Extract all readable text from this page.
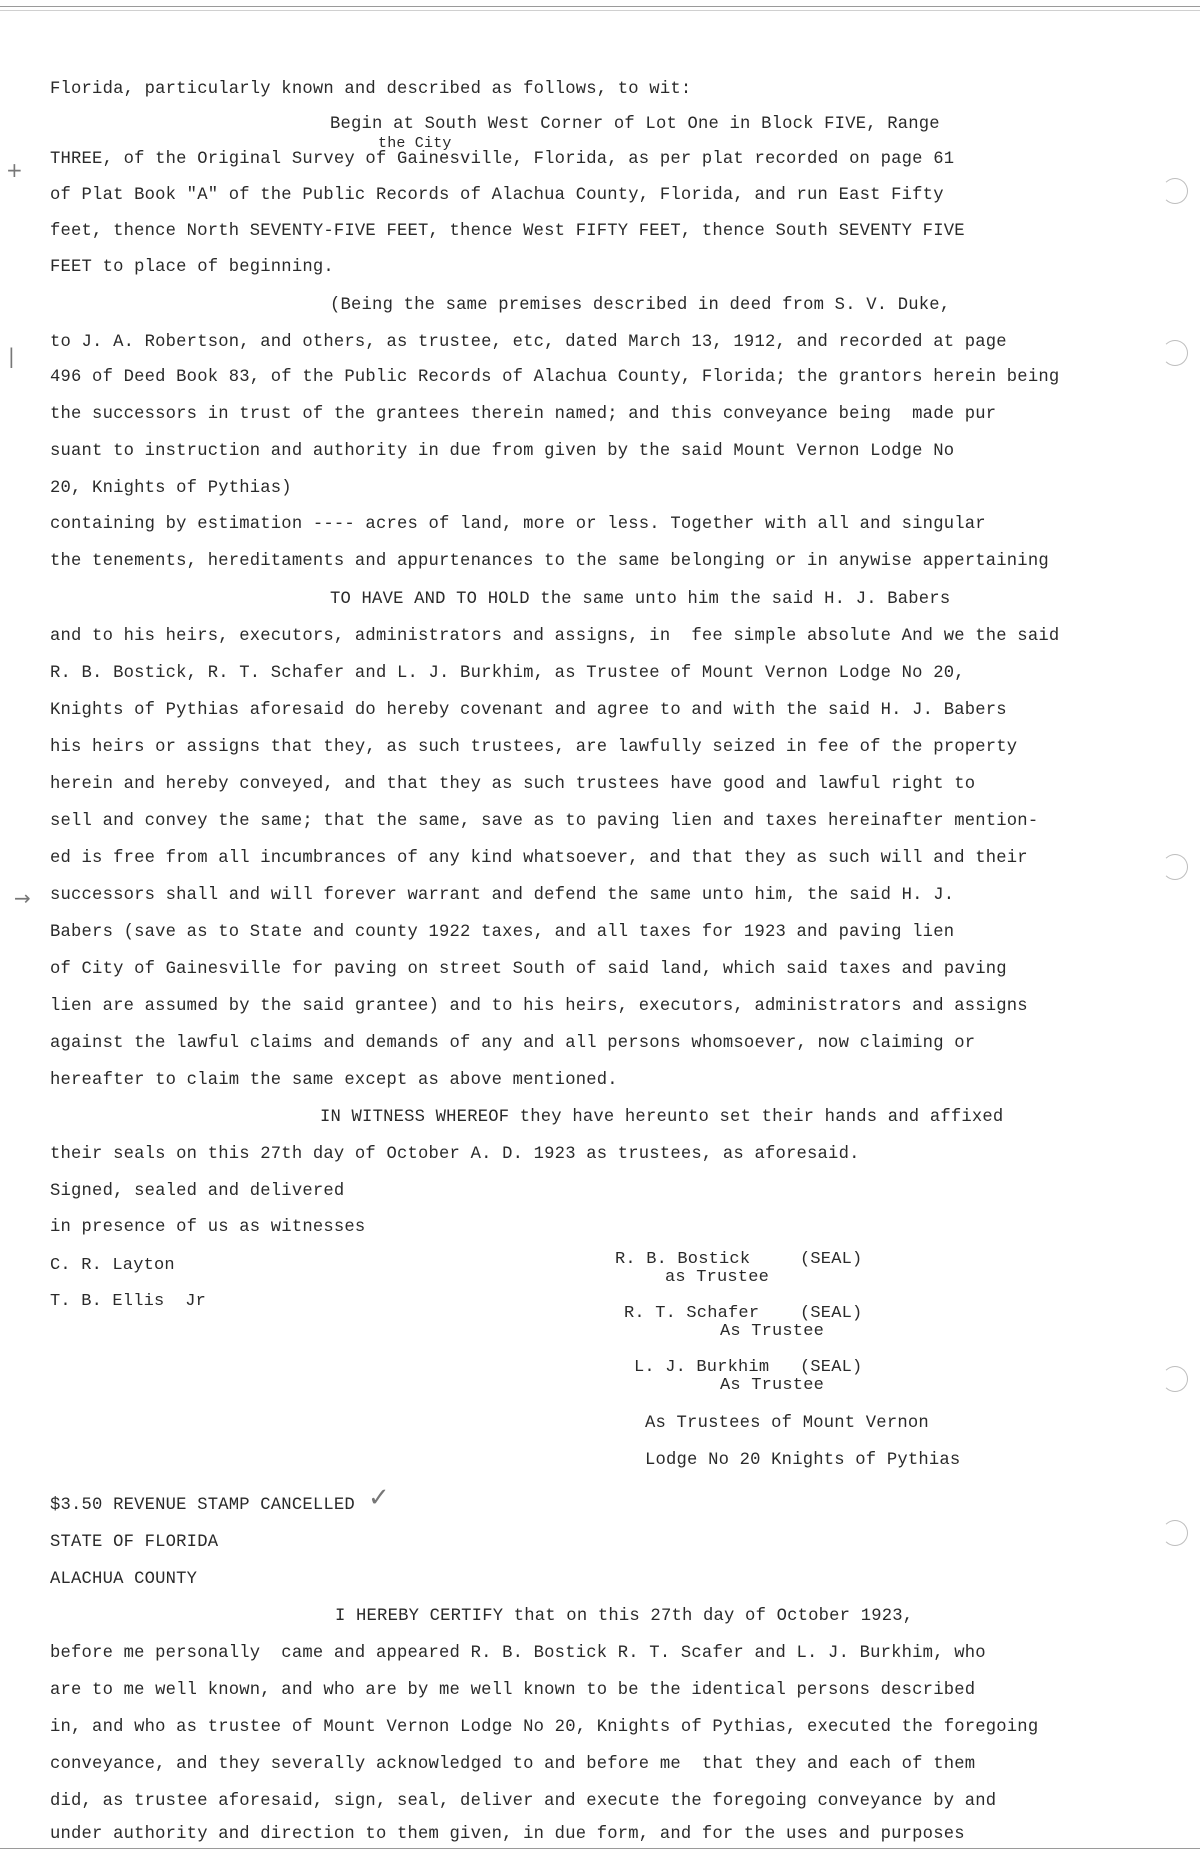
+
|
→
✓
Florida, particularly known and described as follows, to wit:
Begin at South West Corner of Lot One in Block FIVE, Range
the City
THREE, of the Original Survey of Gainesville, Florida, as per plat recorded on page 61
of Plat Book "A" of the Public Records of Alachua County, Florida, and run East Fifty
feet, thence North SEVENTY-FIVE FEET, thence West FIFTY FEET, thence South SEVENTY FIVE
FEET to place of beginning.
(Being the same premises described in deed from S. V. Duke,
to J. A. Robertson, and others, as trustee, etc, dated March 13, 1912, and recorded at page
496 of Deed Book 83, of the Public Records of Alachua County, Florida; the grantors herein being
the successors in trust of the grantees therein named; and this conveyance being  made pur
suant to instruction and authority in due from given by the said Mount Vernon Lodge No
20, Knights of Pythias)
containing by estimation ---- acres of land, more or less. Together with all and singular
the tenements, hereditaments and appurtenances to the same belonging or in anywise appertaining
TO HAVE AND TO HOLD the same unto him the said H. J. Babers
and to his heirs, executors, administrators and assigns, in  fee simple absolute And we the said
R. B. Bostick, R. T. Schafer and L. J. Burkhim, as Trustee of Mount Vernon Lodge No 20,
Knights of Pythias aforesaid do hereby covenant and agree to and with the said H. J. Babers
his heirs or assigns that they, as such trustees, are lawfully seized in fee of the property
herein and hereby conveyed, and that they as such trustees have good and lawful right to
sell and convey the same; that the same, save as to paving lien and taxes hereinafter mention-
ed is free from all incumbrances of any kind whatsoever, and that they as such will and their
successors shall and will forever warrant and defend the same unto him, the said H. J.
Babers (save as to State and county 1922 taxes, and all taxes for 1923 and paving lien
of City of Gainesville for paving on street South of said land, which said taxes and paving
lien are assumed by the said grantee) and to his heirs, executors, administrators and assigns
against the lawful claims and demands of any and all persons whomsoever, now claiming or
hereafter to claim the same except as above mentioned.
IN WITNESS WHEREOF they have hereunto set their hands and affixed
their seals on this 27th day of October A. D. 1923 as trustees, as aforesaid.
Signed, sealed and delivered
in presence of us as witnesses
C. R. Layton
T. B. Ellis  Jr
R. B. Bostick	(SEAL)
as Trustee
R. T. Schafer (SEAL)
As Trustee
L. J. Burkhim (SEAL)
As Trustee
As Trustees of Mount Vernon
Lodge No 20 Knights of Pythias
$3.50 REVENUE STAMP CANCELLED
STATE OF FLORIDA
ALACHUA COUNTY
I HEREBY CERTIFY that on this 27th day of October 1923,
before me personally  came and appeared R. B. Bostick R. T. Scafer and L. J. Burkhim, who
are to me well known, and who are by me well known to be the identical persons described
in, and who as trustee of Mount Vernon Lodge No 20, Knights of Pythias, executed the foregoing
conveyance, and they severally acknowledged to and before me  that they and each of them
did, as trustee aforesaid, sign, seal, deliver and execute the foregoing conveyance by and
under authority and direction to them given, in due form, and for the uses and purposes
